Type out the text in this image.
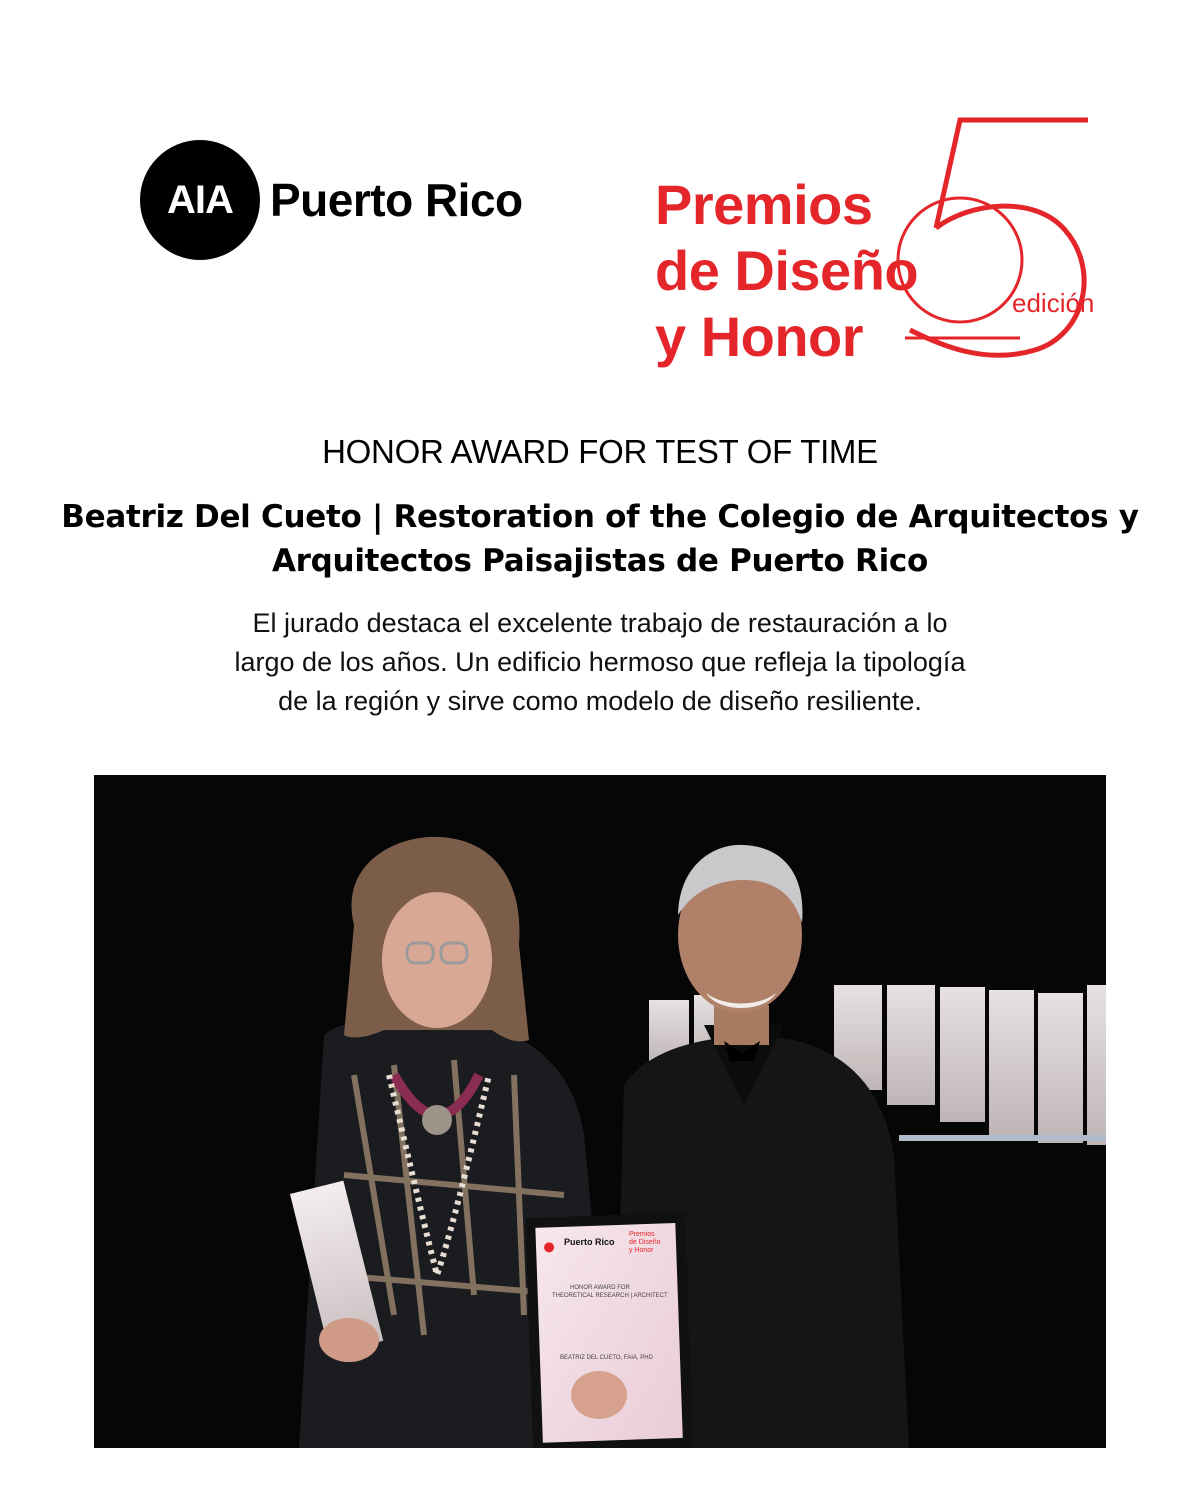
AIA Puerto Rico Premios
de Diseño
y Honor
edición
HONOR AWARD FOR TEST OF TIME
Beatriz Del Cueto | Restoration of the Colegio de Arquitectos y
Arquitectos Paisajistas de Puerto Rico
El jurado destaca el excelente trabajo de restauración a lo
largo de los años. Un edificio hermoso que refleja la tipología
de la región y sirve como modelo de diseño resiliente.
Puerto Rico
Premios
de Diseño
y Honor
HONOR AWARD FOR
THEORETICAL RESEARCH | ARCHITECT
BEATRIZ DEL CUETO, FAIA, PHD
